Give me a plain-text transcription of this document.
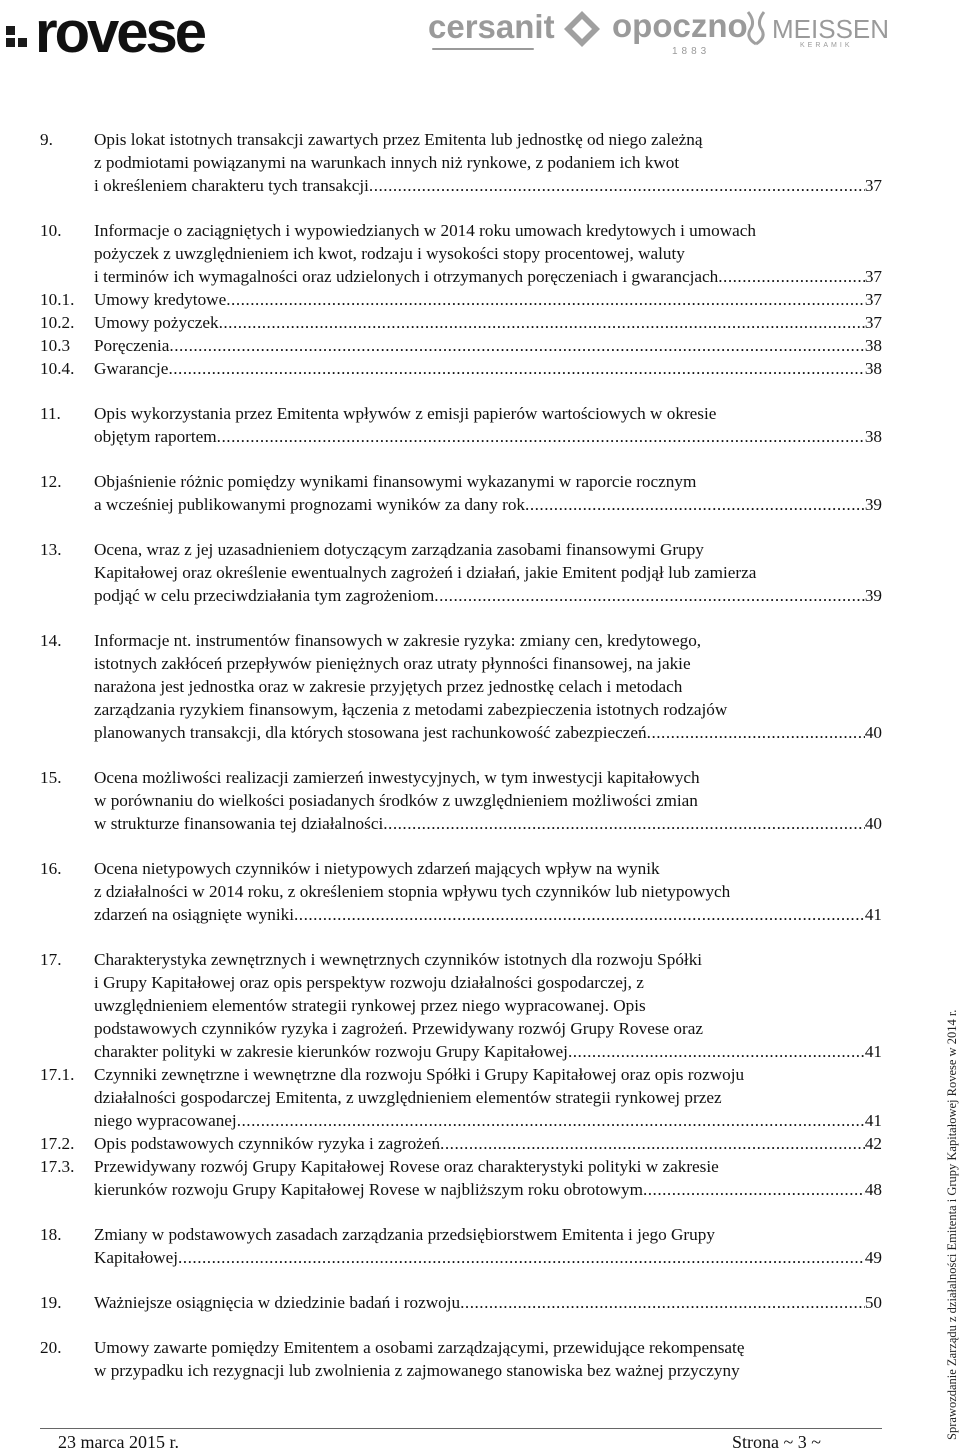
rovese	cersanit opoczno
1883
MEISSEN
KERAMIK
9. Opis lokat istotnych transakcji zawartych przez Emitenta lub jednostkę od niego zależną
z podmiotami powiązanymi na warunkach innych niż rynkowe, z podaniem ich kwot
i określeniem charakteru tych transakcji .....	37
10. Informacje o zaciągniętych i wypowiedzianych w 2014 roku umowach kredytowych i umowach
pożyczek z uwzględnieniem ich kwot, rodzaju i wysokości stopy procentowej, waluty
i terminów ich wymagalności oraz udzielonych i otrzymanych poręczeniach i gwarancjach .....	37
10.1. Umowy kredytowe .....	37
10.2. Umowy pożyczek .....	37
10.3 Poręczenia .....	38
10.4. Gwarancje .....	38
11. Opis wykorzystania przez Emitenta wpływów z emisji papierów wartościowych w okresie
objętym raportem .....	38
12. Objaśnienie różnic pomiędzy wynikami finansowymi wykazanymi w raporcie rocznym
a wcześniej publikowanymi prognozami wyników za dany rok .....	39
13. Ocena, wraz z jej uzasadnieniem dotyczącym zarządzania zasobami finansowymi Grupy
Kapitałowej oraz określenie ewentualnych zagrożeń i działań, jakie Emitent podjął lub zamierza
podjąć w celu przeciwdziałania tym zagrożeniom .....	39
14. Informacje nt. instrumentów finansowych w zakresie ryzyka: zmiany cen, kredytowego,
istotnych zakłóceń przepływów pieniężnych oraz utraty płynności finansowej, na jakie
narażona jest jednostka oraz w zakresie przyjętych przez jednostkę celach i metodach
zarządzania ryzykiem finansowym, łączenia z metodami zabezpieczenia istotnych rodzajów
planowanych transakcji, dla których stosowana jest rachunkowość zabezpieczeń .....	40
15. Ocena możliwości realizacji zamierzeń inwestycyjnych, w tym inwestycji kapitałowych
w porównaniu do wielkości posiadanych środków z uwzględnieniem możliwości zmian
w strukturze finansowania tej działalności .....	40
16. Ocena nietypowych czynników i nietypowych zdarzeń mających wpływ na wynik
z działalności w 2014 roku, z określeniem stopnia wpływu tych czynników lub nietypowych
zdarzeń na osiągnięte wyniki .....	41
17. Charakterystyka zewnętrznych i wewnętrznych czynników istotnych dla rozwoju Spółki
i Grupy Kapitałowej oraz opis perspektyw rozwoju działalności gospodarczej, z
uwzględnieniem elementów strategii rynkowej przez niego wypracowanej. Opis
podstawowych czynników ryzyka i zagrożeń. Przewidywany rozwój Grupy Rovese oraz
charakter polityki w zakresie kierunków rozwoju Grupy Kapitałowej .....	41
17.1. Czynniki zewnętrzne i wewnętrzne dla rozwoju Spółki i Grupy Kapitałowej oraz opis rozwoju
działalności gospodarczej Emitenta, z uwzględnieniem elementów strategii rynkowej przez
niego wypracowanej .....	41
17.2. Opis podstawowych czynników ryzyka i zagrożeń .....	42
17.3. Przewidywany rozwój Grupy Kapitałowej Rovese oraz charakterystyki polityki w zakresie
kierunków rozwoju Grupy Kapitałowej Rovese w najbliższym roku obrotowym .....	48
18. Zmiany w podstawowych zasadach zarządzania przedsiębiorstwem Emitenta i jego Grupy
Kapitałowej .....	49
19. Ważniejsze osiągnięcia w dziedzinie badań i rozwoju .....	50
20. Umowy zawarte pomiędzy Emitentem a osobami zarządzającymi, przewidujące rekompensatę
w przypadku ich rezygnacji lub zwolnienia z zajmowanego stanowiska bez ważnej przyczyny	Sprawozdanie Zarządu z działalności Emitenta i Grupy Kapitałowej Rovese w 2014 r.
23 marca 2015 r.	Strona ~ 3 ~
